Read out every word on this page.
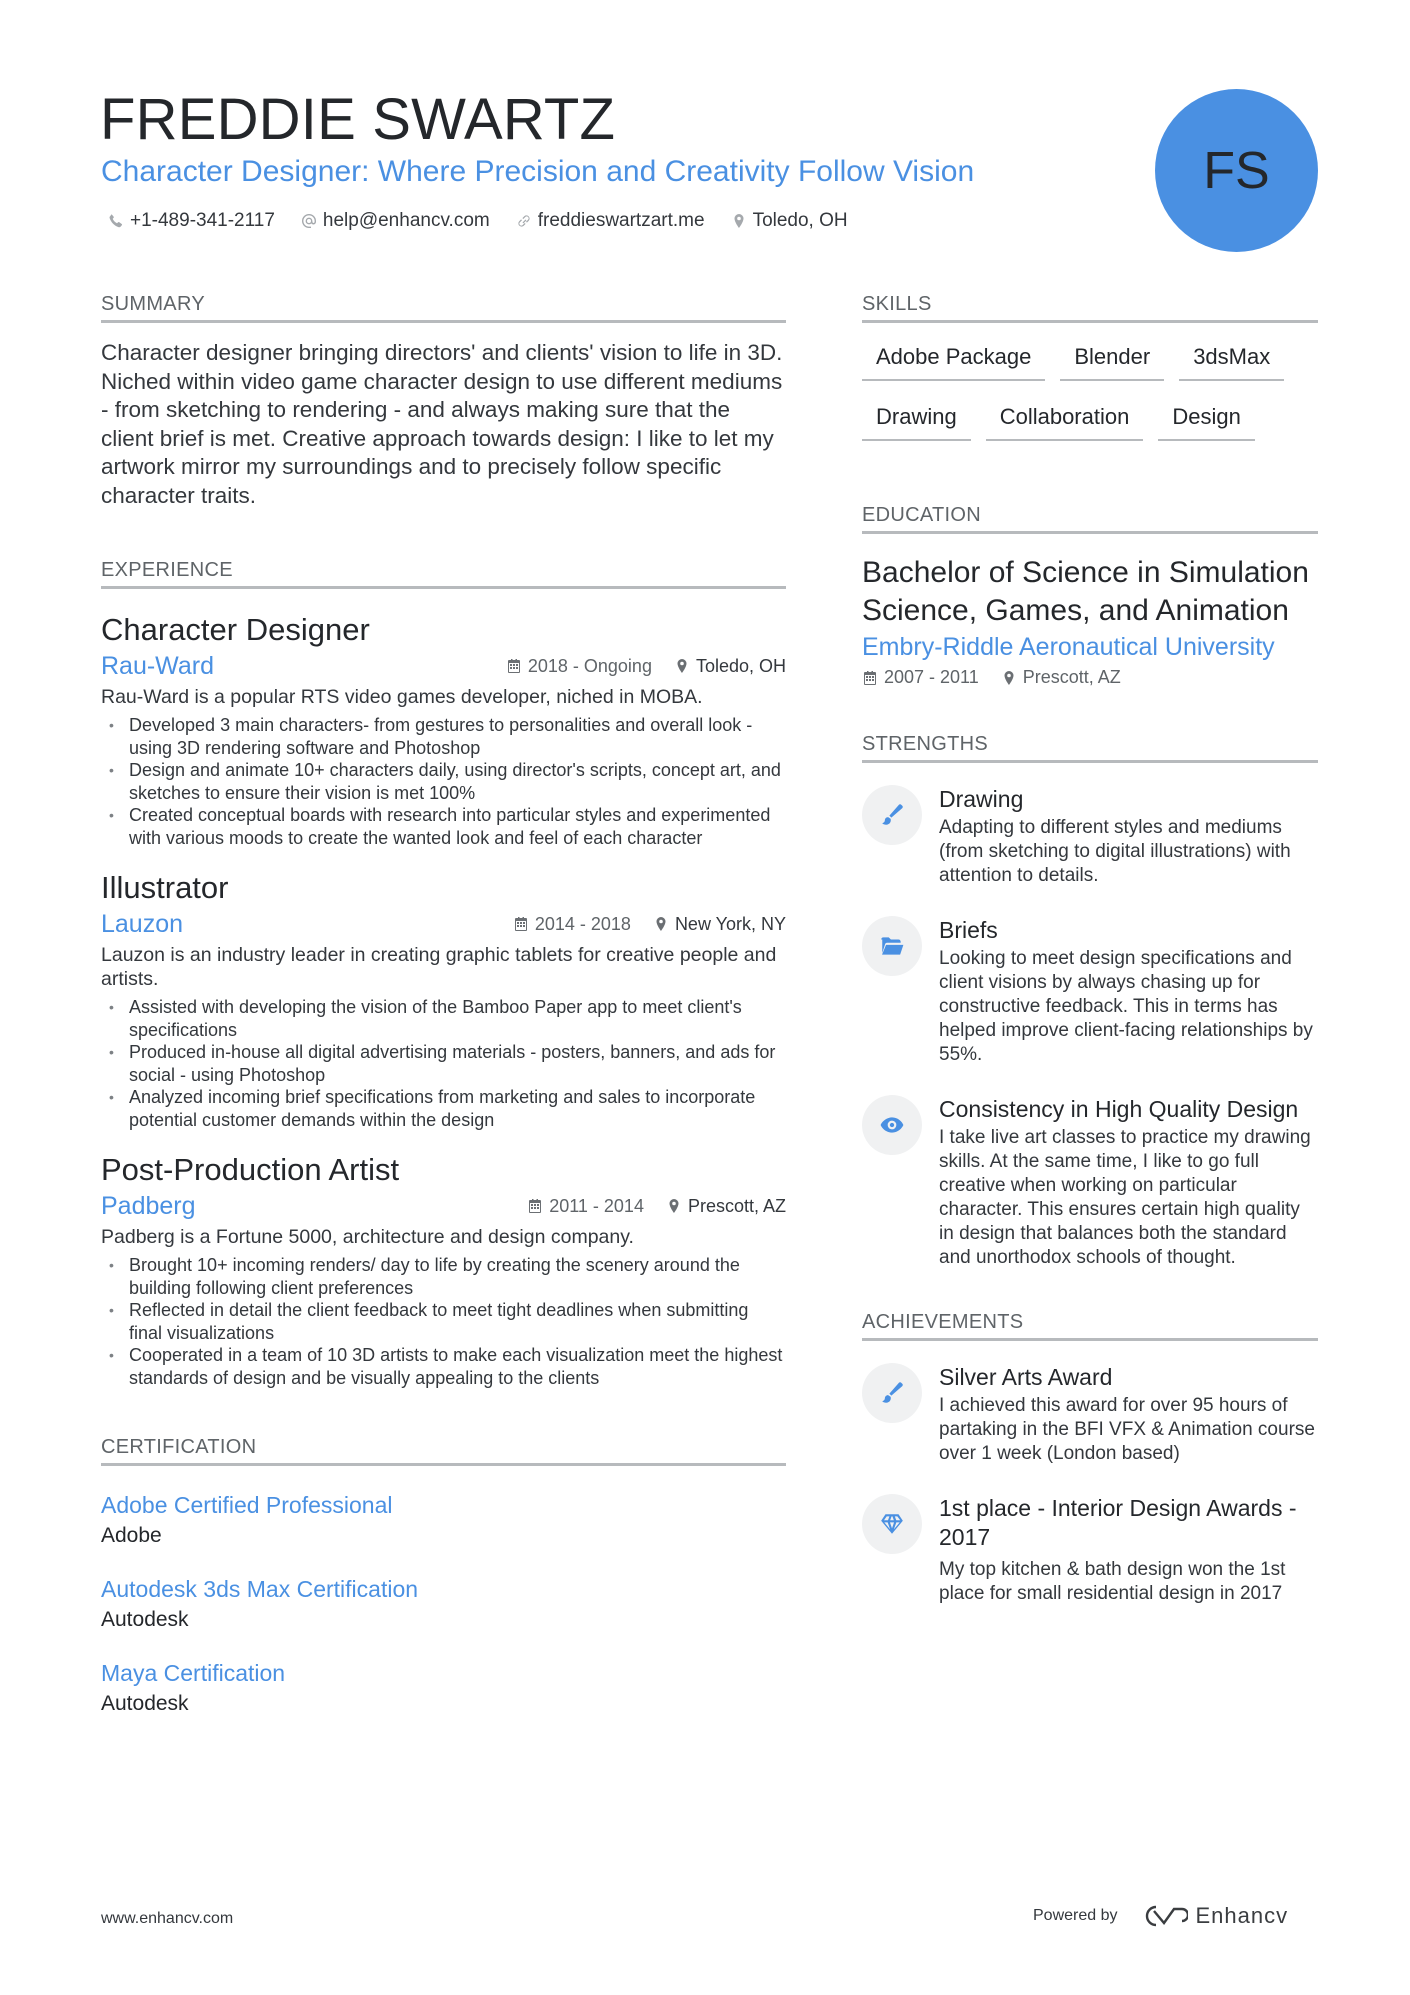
FREDDIE SWARTZ
Character Designer: Where Precision and Creativity Follow Vision
+1-489-341-2117	help@enhancv.com	freddieswartzart.me	Toledo, OH
FS
SUMMARY

Character designer bringing directors' and clients' vision to life in 3D. Niched within video game character design to use different mediums - from sketching to rendering - and always making sure that the client brief is met. Creative approach towards design: I like to let my artwork mirror my surroundings and to precisely follow specific character traits.

EXPERIENCE
Character Designer
Rau-Ward	2018 - Ongoing Toledo, OH
Rau-Ward is a popular RTS video games developer, niched in MOBA.
• Developed 3 main characters- from gestures to personalities and overall look - using 3D rendering software and Photoshop
• Design and animate 10+ characters daily, using director's scripts, concept art, and sketches to ensure their vision is met 100%
• Created conceptual boards with research into particular styles and experimented with various moods to create the wanted look and feel of each character
Illustrator
Lauzon	2014 - 2018 New York, NY
Lauzon is an industry leader in creating graphic tablets for creative people and artists.
• Assisted with developing the vision of the Bamboo Paper app to meet client's specifications
• Produced in-house all digital advertising materials - posters, banners, and ads for social - using Photoshop
• Analyzed incoming brief specifications from marketing and sales to incorporate potential customer demands within the design
Post-Production Artist
Padberg	2011 - 2014 Prescott, AZ
Padberg is a Fortune 5000, architecture and design company.
• Brought 10+ incoming renders/ day to life by creating the scenery around the building following client preferences
• Reflected in detail the client feedback to meet tight deadlines when submitting final visualizations
• Cooperated in a team of 10 3D artists to make each visualization meet the highest standards of design and be visually appealing to the clients
CERTIFICATION
Adobe Certified Professional
Adobe
Autodesk 3ds Max Certification
Autodesk
Maya Certification
Autodesk
SKILLS
Adobe Package	Blender	3dsMax
Drawing	Collaboration	Design
EDUCATION
Bachelor of Science in Simulation Science, Games, and Animation
Embry-Riddle Aeronautical University
2007 - 2011 Prescott, AZ
STRENGTHS
Drawing
Adapting to different styles and mediums (from sketching to digital illustrations) with attention to details.
Briefs
Looking to meet design specifications and client visions by always chasing up for constructive feedback. This in terms has helped improve client-facing relationships by 55%.
Consistency in High Quality Design
I take live art classes to practice my drawing skills. At the same time, I like to go full creative when working on particular character. This ensures certain high quality in design that balances both the standard and unorthodox schools of thought.
ACHIEVEMENTS
Silver Arts Award
I achieved this award for over 95 hours of partaking in the BFI VFX & Animation course over 1 week (London based)
1st place - Interior Design Awards - 2017
My top kitchen & bath design won the 1st place for small residential design in 2017
www.enhancv.com	Powered by	Enhancv
